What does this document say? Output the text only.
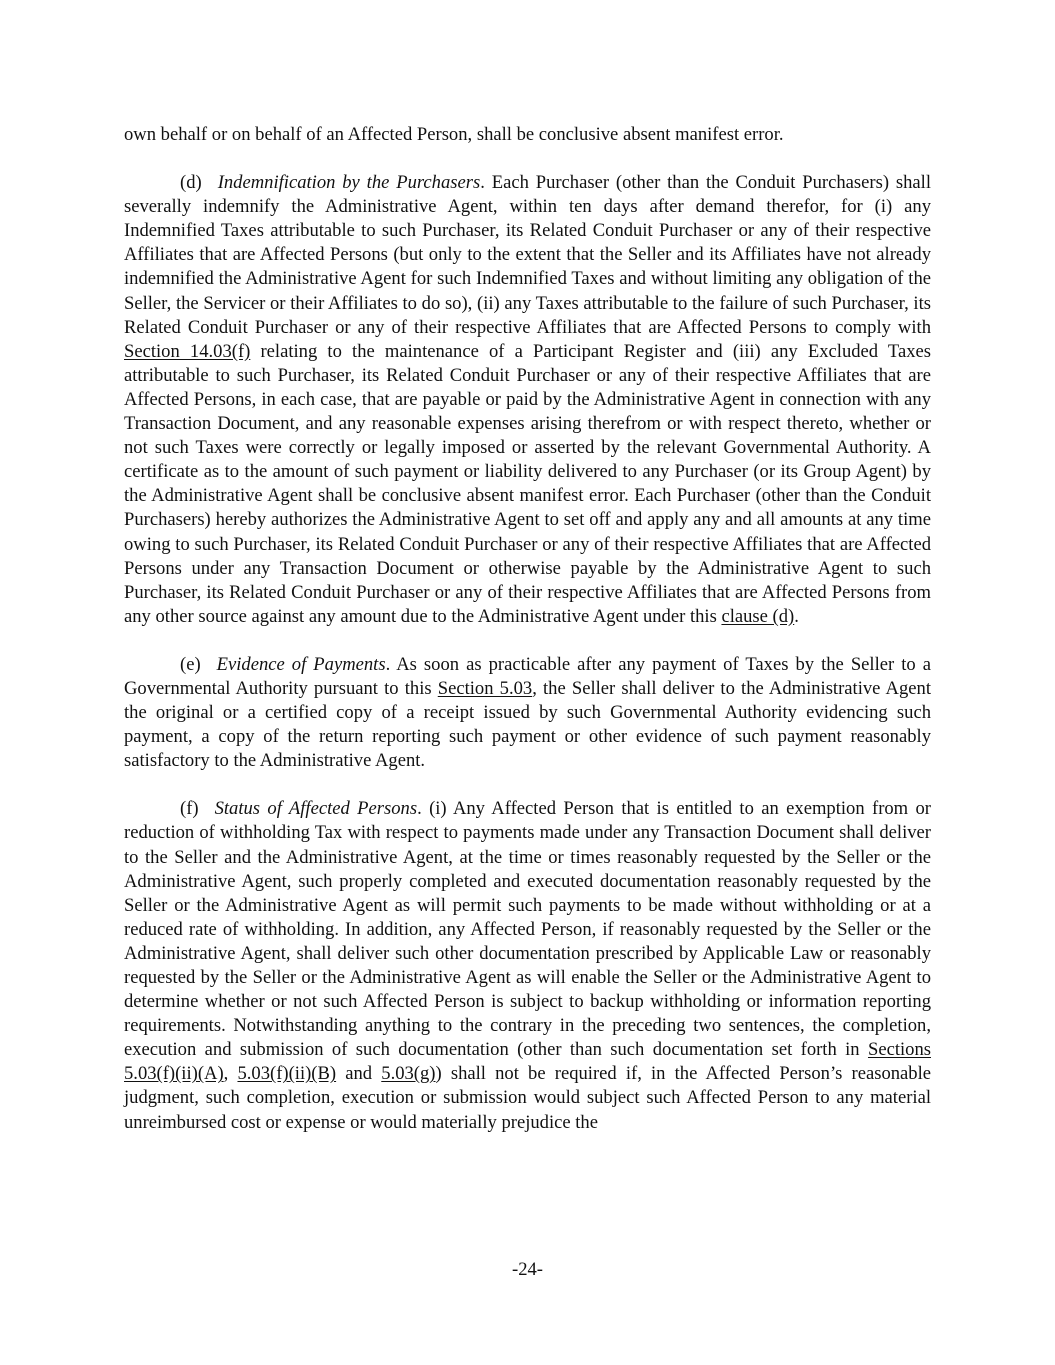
own behalf or on behalf of an Affected Person, shall be conclusive absent manifest error.

(d) Indemnification by the Purchasers. Each Purchaser (other than the Conduit Purchasers) shall severally indemnify the Administrative Agent, within ten days after demand therefor, for (i) any Indemnified Taxes attributable to such Purchaser, its Related Conduit Purchaser or any of their respective Affiliates that are Affected Persons (but only to the extent that the Seller and its Affiliates have not already indemnified the Administrative Agent for such Indemnified Taxes and without limiting any obligation of the Seller, the Servicer or their Affiliates to do so), (ii) any Taxes attributable to the failure of such Purchaser, its Related Conduit Purchaser or any of their respective Affiliates that are Affected Persons to comply with Section 14.03(f) relating to the maintenance of a Participant Register and (iii) any Excluded Taxes attributable to such Purchaser, its Related Conduit Purchaser or any of their respective Affiliates that are Affected Persons, in each case, that are payable or paid by the Administrative Agent in connection with any Transaction Document, and any reasonable expenses arising therefrom or with respect thereto, whether or not such Taxes were correctly or legally imposed or asserted by the relevant Governmental Authority. A certificate as to the amount of such payment or liability delivered to any Purchaser (or its Group Agent) by the Administrative Agent shall be conclusive absent manifest error. Each Purchaser (other than the Conduit Purchasers) hereby authorizes the Administrative Agent to set off and apply any and all amounts at any time owing to such Purchaser, its Related Conduit Purchaser or any of their respective Affiliates that are Affected Persons under any Transaction Document or otherwise payable by the Administrative Agent to such Purchaser, its Related Conduit Purchaser or any of their respective Affiliates that are Affected Persons from any other source against any amount due to the Administrative Agent under this clause (d).

(e) Evidence of Payments. As soon as practicable after any payment of Taxes by the Seller to a Governmental Authority pursuant to this Section 5.03, the Seller shall deliver to the Administrative Agent the original or a certified copy of a receipt issued by such Governmental Authority evidencing such payment, a copy of the return reporting such payment or other evidence of such payment reasonably satisfactory to the Administrative Agent.

(f) Status of Affected Persons. (i) Any Affected Person that is entitled to an exemption from or reduction of withholding Tax with respect to payments made under any Transaction Document shall deliver to the Seller and the Administrative Agent, at the time or times reasonably requested by the Seller or the Administrative Agent, such properly completed and executed documentation reasonably requested by the Seller or the Administrative Agent as will permit such payments to be made without withholding or at a reduced rate of withholding. In addition, any Affected Person, if reasonably requested by the Seller or the Administrative Agent, shall deliver such other documentation prescribed by Applicable Law or reasonably requested by the Seller or the Administrative Agent as will enable the Seller or the Administrative Agent to determine whether or not such Affected Person is subject to backup withholding or information reporting requirements. Notwithstanding anything to the contrary in the preceding two sentences, the completion, execution and submission of such documentation (other than such documentation set forth in Sections 5.03(f)(ii)(A), 5.03(f)(ii)(B) and 5.03(g)) shall not be required if, in the Affected Person’s reasonable judgment, such completion, execution or submission would subject such Affected Person to any material unreimbursed cost or expense or would materially prejudice the

-24-
